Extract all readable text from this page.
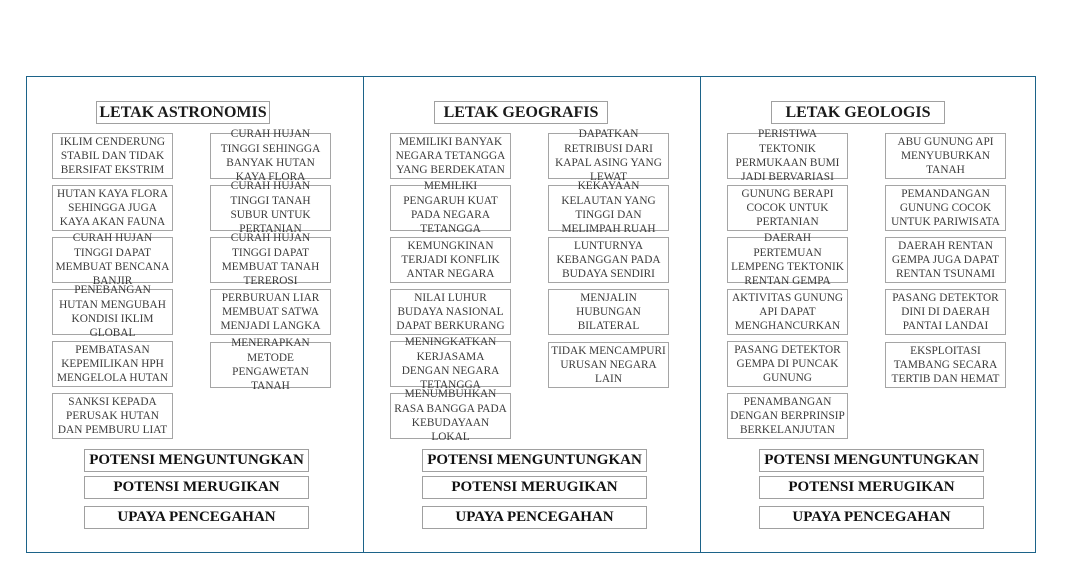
LETAK ASTRONOMIS
IKLIM CENDERUNG STABIL DAN TIDAK BERSIFAT EKSTRIM
HUTAN KAYA FLORA SEHINGGA JUGA KAYA AKAN FAUNA
CURAH HUJAN TINGGI DAPAT MEMBUAT BENCANA BANJIR
PENEBANGAN HUTAN MENGUBAH KONDISI IKLIM GLOBAL
PEMBATASAN KEPEMILIKAN HPH MENGELOLA HUTAN
SANKSI KEPADA PERUSAK HUTAN DAN PEMBURU LIAT
CURAH HUJAN TINGGI SEHINGGA BANYAK HUTAN KAYA FLORA
CURAH HUJAN TINGGI TANAH SUBUR UNTUK PERTANIAN
CURAH HUJAN TINGGI DAPAT MEMBUAT TANAH TEREROSI
PERBURUAN LIAR MEMBUAT SATWA MENJADI LANGKA
MENERAPKAN METODE PENGAWETAN TANAH
POTENSI MENGUNTUNGKAN
POTENSI MERUGIKAN
UPAYA PENCEGAHAN
LETAK GEOGRAFIS
MEMILIKI BANYAK NEGARA TETANGGA YANG BERDEKATAN
MEMILIKI PENGARUH KUAT PADA NEGARA TETANGGA
KEMUNGKINAN TERJADI KONFLIK ANTAR NEGARA
NILAI LUHUR BUDAYA NASIONAL DAPAT BERKURANG
MENINGKATKAN KERJASAMA DENGAN NEGARA TETANGGA
MENUMBUHKAN RASA BANGGA PADA KEBUDAYAAN LOKAL
DAPATKAN RETRIBUSI DARI KAPAL ASING YANG LEWAT
KEKAYAAN KELAUTAN YANG TINGGI DAN MELIMPAH RUAH
LUNTURNYA KEBANGGAN PADA BUDAYA SENDIRI
MENJALIN HUBUNGAN BILATERAL
TIDAK MENCAMPURI URUSAN NEGARA LAIN
POTENSI MENGUNTUNGKAN
POTENSI MERUGIKAN
UPAYA PENCEGAHAN
LETAK GEOLOGIS
PERISTIWA TEKTONIK PERMUKAAN BUMI JADI BERVARIASI
GUNUNG BERAPI COCOK UNTUK PERTANIAN
DAERAH PERTEMUAN LEMPENG TEKTONIK RENTAN GEMPA
AKTIVITAS GUNUNG API DAPAT MENGHANCURKAN
PASANG DETEKTOR GEMPA DI PUNCAK GUNUNG
PENAMBANGAN DENGAN BERPRINSIP BERKELANJUTAN
ABU GUNUNG API MENYUBURKAN TANAH
PEMANDANGAN GUNUNG COCOK UNTUK PARIWISATA
DAERAH RENTAN GEMPA JUGA DAPAT RENTAN TSUNAMI
PASANG DETEKTOR DINI DI DAERAH PANTAI LANDAI
EKSPLOITASI TAMBANG SECARA TERTIB DAN HEMAT
POTENSI MENGUNTUNGKAN
POTENSI MERUGIKAN
UPAYA PENCEGAHAN
